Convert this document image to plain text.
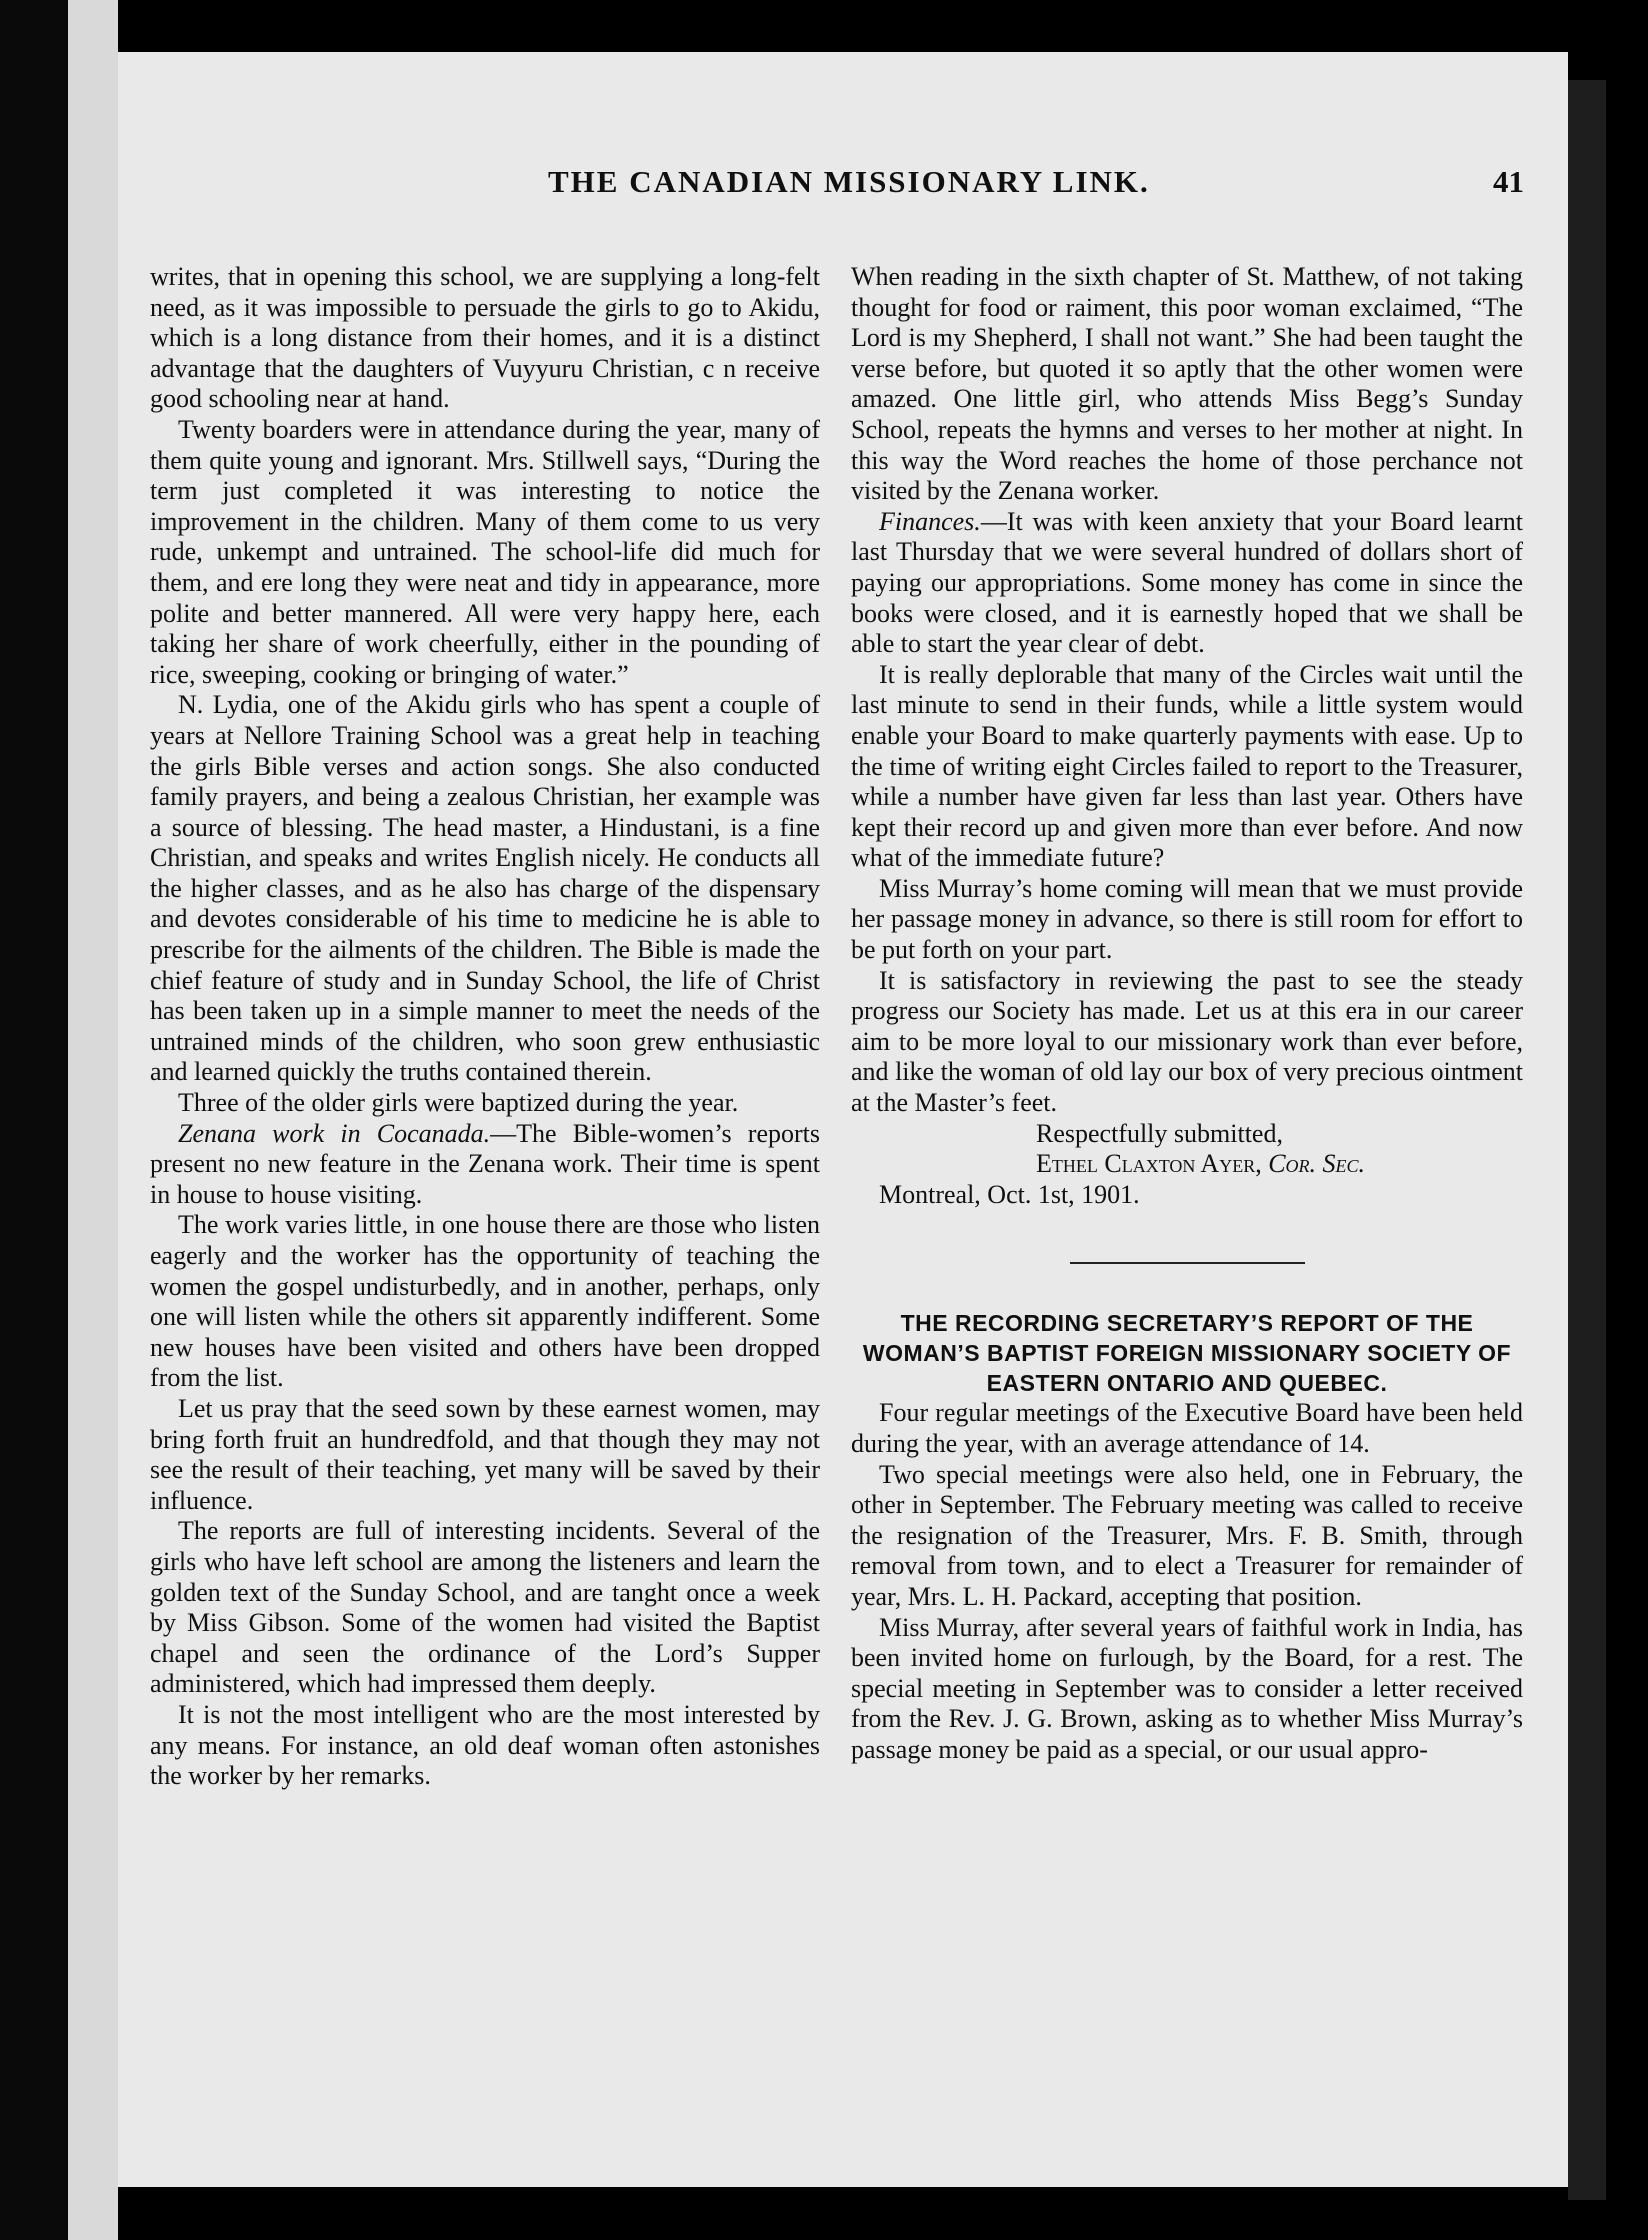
THE CANADIAN MISSIONARY LINK.	41

writes, that in opening this school, we are supplying a long-felt need, as it was impossible to persuade the girls to go to Akidu, which is a long distance from their homes, and it is a distinct advantage that the daughters of Vuyyuru Christian, c n receive good schooling near at hand.

Twenty boarders were in attendance during the year, many of them quite young and ignorant. Mrs. Stillwell says, “During the term just completed it was interesting to notice the improvement in the children. Many of them come to us very rude, unkempt and untrained. The school-life did much for them, and ere long they were neat and tidy in appearance, more polite and better mannered. All were very happy here, each taking her share of work cheerfully, either in the pounding of rice, sweeping, cooking or bringing of water.”

N. Lydia, one of the Akidu girls who has spent a couple of years at Nellore Training School was a great help in teaching the girls Bible verses and action songs. She also conducted family prayers, and being a zealous Christian, her example was a source of blessing. The head master, a Hindustani, is a fine Christian, and speaks and writes English nicely. He conducts all the higher classes, and as he also has charge of the dispensary and devotes considerable of his time to medicine he is able to prescribe for the ailments of the children. The Bible is made the chief feature of study and in Sunday School, the life of Christ has been taken up in a simple manner to meet the needs of the untrained minds of the children, who soon grew enthusiastic and learned quickly the truths contained therein.

Three of the older girls were baptized during the year.

Zenana work in Cocanada.—The Bible-women’s reports present no new feature in the Zenana work. Their time is spent in house to house visiting.

The work varies little, in one house there are those who listen eagerly and the worker has the opportunity of teaching the women the gospel undisturbedly, and in another, perhaps, only one will listen while the others sit apparently indifferent. Some new houses have been visited and others have been dropped from the list.

Let us pray that the seed sown by these earnest women, may bring forth fruit an hundredfold, and that though they may not see the result of their teaching, yet many will be saved by their influence.

The reports are full of interesting incidents. Several of the girls who have left school are among the listeners and learn the golden text of the Sunday School, and are tanght once a week by Miss Gibson. Some of the women had visited the Baptist chapel and seen the ordinance of the Lord’s Supper administered, which had impressed them deeply.

It is not the most intelligent who are the most interested by any means. For instance, an old deaf woman often astonishes the worker by her remarks.

When reading in the sixth chapter of St. Matthew, of not taking thought for food or raiment, this poor woman exclaimed, “The Lord is my Shepherd, I shall not want.” She had been taught the verse before, but quoted it so aptly that the other women were amazed. One little girl, who attends Miss Begg’s Sunday School, repeats the hymns and verses to her mother at night. In this way the Word reaches the home of those perchance not visited by the Zenana worker.

Finances.—It was with keen anxiety that your Board learnt last Thursday that we were several hundred of dollars short of paying our appropriations. Some money has come in since the books were closed, and it is earnestly hoped that we shall be able to start the year clear of debt.

It is really deplorable that many of the Circles wait until the last minute to send in their funds, while a little system would enable your Board to make quarterly payments with ease. Up to the time of writing eight Circles failed to report to the Treasurer, while a number have given far less than last year. Others have kept their record up and given more than ever before. And now what of the immediate future?

Miss Murray’s home coming will mean that we must provide her passage money in advance, so there is still room for effort to be put forth on your part.

It is satisfactory in reviewing the past to see the steady progress our Society has made. Let us at this era in our career aim to be more loyal to our missionary work than ever before, and like the woman of old lay our box of very precious ointment at the Master’s feet.

Respectfully submitted,

Ethel Claxton Ayer, Cor. Sec.

Montreal, Oct. 1st, 1901.

THE RECORDING SECRETARY’S REPORT OF THE WOMAN’S BAPTIST FOREIGN MISSIONARY SOCIETY OF EASTERN ONTARIO AND QUEBEC.

Four regular meetings of the Executive Board have been held during the year, with an average attendance of 14.

Two special meetings were also held, one in February, the other in September. The February meeting was called to receive the resignation of the Treasurer, Mrs. F. B. Smith, through removal from town, and to elect a Treasurer for remainder of year, Mrs. L. H. Packard, accepting that position.

Miss Murray, after several years of faithful work in India, has been invited home on furlough, by the Board, for a rest. The special meeting in September was to consider a letter received from the Rev. J. G. Brown, asking as to whether Miss Murray’s passage money be paid as a special, or our usual appro-
